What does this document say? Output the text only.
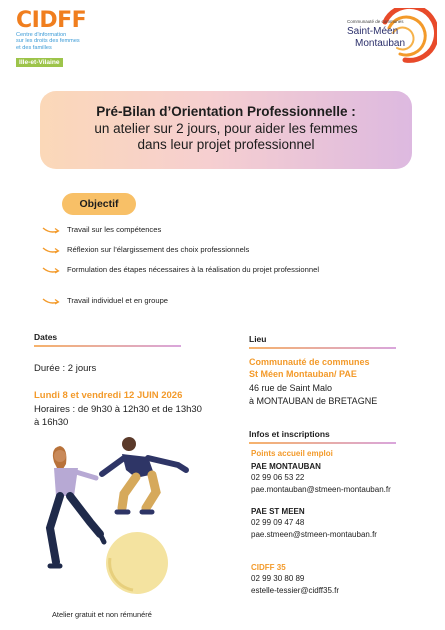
CIDFF
Centre d'information
sur les droits des femmes
et des familles
Ille-et-Vilaine
Communauté de communes
Saint-Méen
Montauban
Pré-Bilan d’Orientation Professionnelle :
un atelier sur 2 jours, pour aider les femmes
dans leur projet professionnel
Objectif
Travail sur les compétences
Réflexion sur l’élargissement des choix professionnels
Formulation des étapes nécessaires à la réalisation du projet professionnel
Travail individuel et en groupe
Dates
Durée : 2 jours
Lundi 8 et vendredi 12 JUIN 2026
Horaires : de 9h30 à 12h30 et de 13h30
à 16h30
Lieu
Communauté de communes
St Méen Montauban/ PAE
46 rue de Saint Malo
à MONTAUBAN de BRETAGNE
Infos et inscriptions
Points accueil emploi
PAE MONTAUBAN
02 99 06 53 22
pae.montauban@stmeen-montauban.fr
PAE ST MEEN
02 99 09 47 48
pae.stmeen@stmeen-montauban.fr
CIDFF 35
02 99 30 80 89
estelle-tessier@cidff35.fr
Atelier gratuit et non rémunéré
